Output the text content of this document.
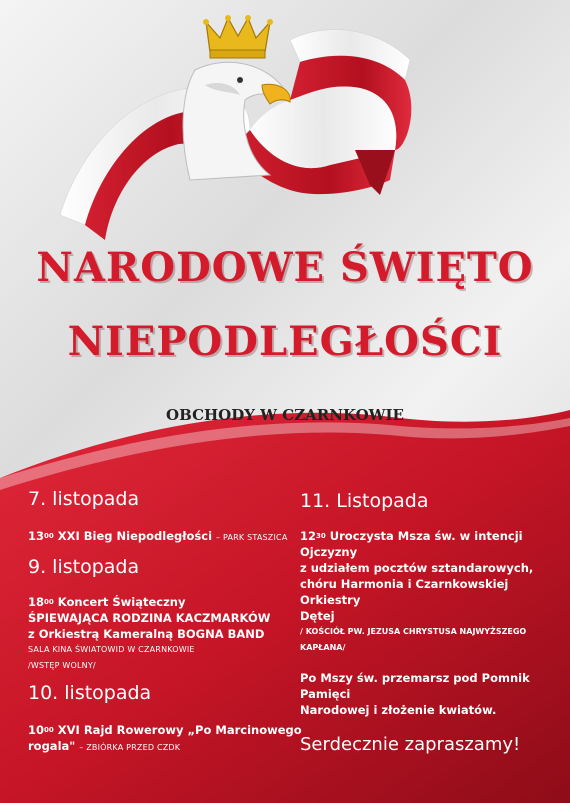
NARODOWE ŚWIĘTO
NIEPODLEGŁOŚCI
OBCHODY W CZARNKOWIE
7. listopada
$13^{00}$ XXI Bieg Niepodległości – PARK STASZICA
9. listopada
$18^{00}$ Koncert Świąteczny
ŚPIEWAJĄCA RODZINA KACZMARKÓW
z Orkiestrą Kameralną BOGNA BAND
SALA KINA ŚWIATOWID W CZARNKOWIE
/WSTĘP WOLNY/
10. listopada
$10^{00}$ XVI Rajd Rowerowy „Po Marcinowego
rogala" – ZBIÓRKA PRZED CZDK
11. Listopada
$12^{30}$ Uroczysta Msza św. w intencji Ojczyzny
z udziałem pocztów sztandarowych,
chóru Harmonia i Czarnkowskiej Orkiestry
Dętej
/ KOŚCIÓŁ PW. JEZUSA CHRYSTUSA NAJWYŻSZEGO
KAPŁANA/
Po Mszy św. przemarsz pod Pomnik Pamięci
Narodowej i złożenie kwiatów.
Serdecznie zapraszamy!
